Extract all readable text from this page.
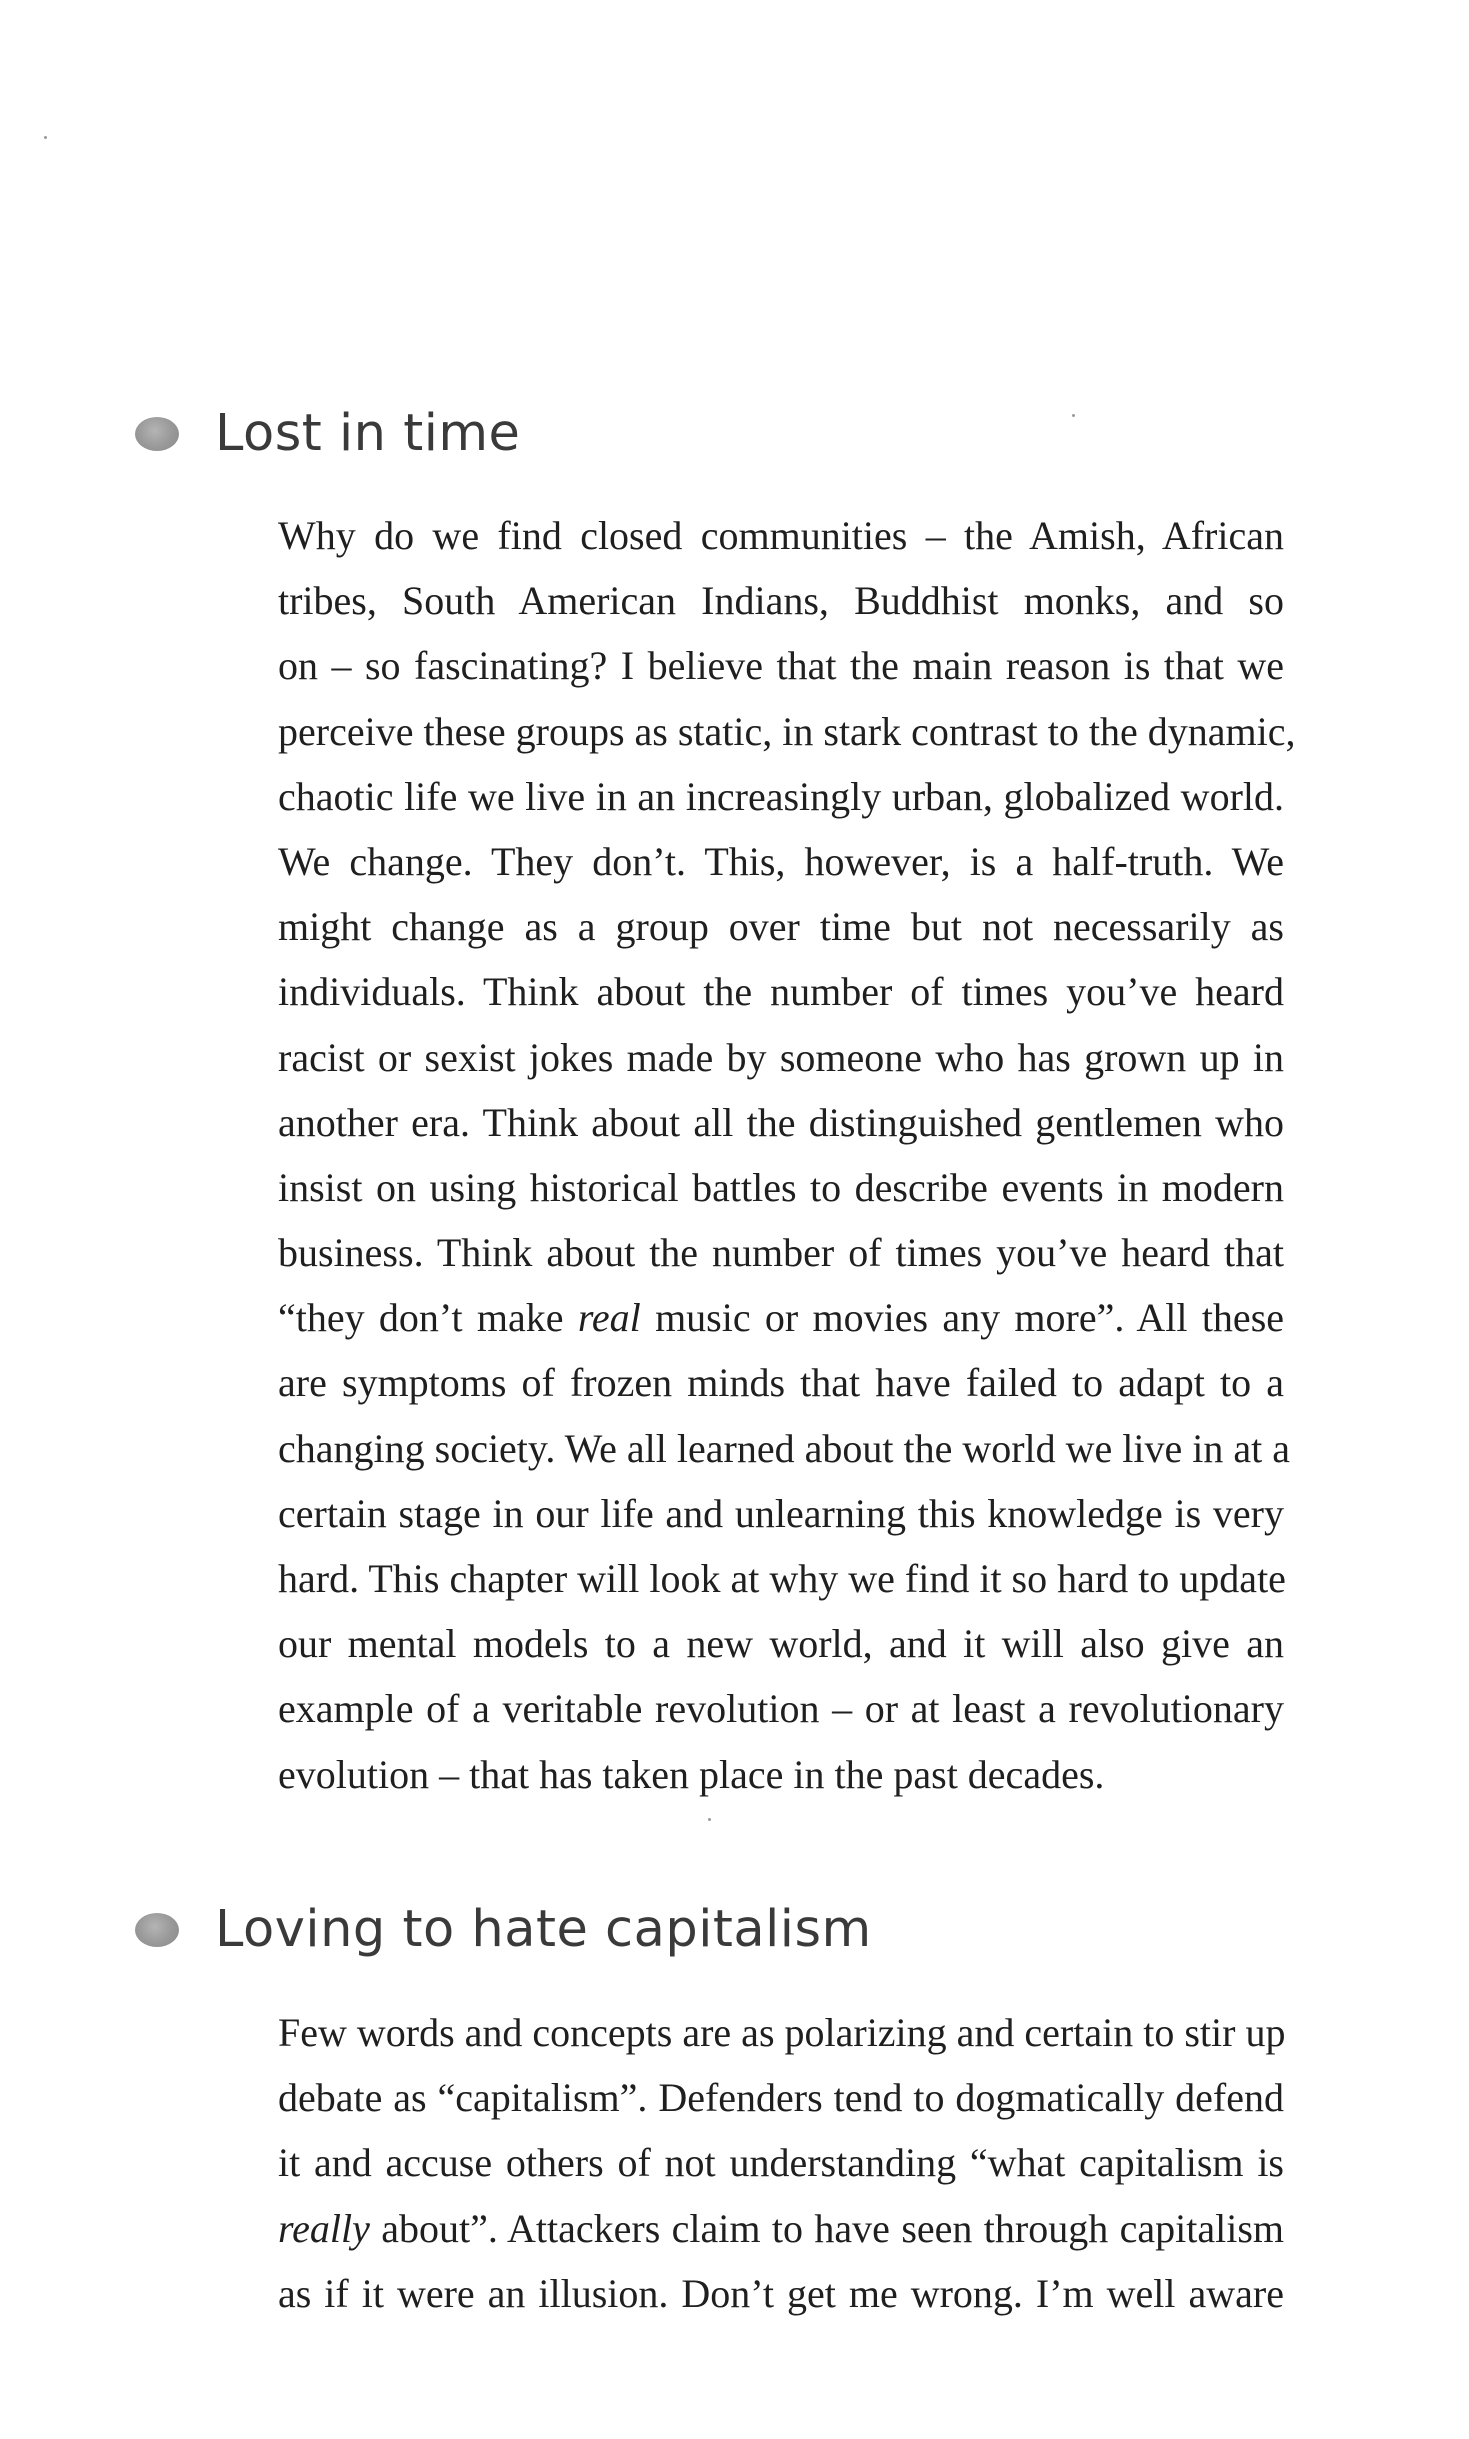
Lost in time
Why do we find closed communities – the Amish, African
tribes, South American Indians, Buddhist monks, and so
on – so fascinating? I believe that the main reason is that we
perceive these groups as static, in stark contrast to the dynamic,
chaotic life we live in an increasingly urban, globalized world.
We change. They don’t. This, however, is a half-truth. We
might change as a group over time but not necessarily as
individuals. Think about the number of times you’ve heard
racist or sexist jokes made by someone who has grown up in
another era. Think about all the distinguished gentlemen who
insist on using historical battles to describe events in modern
business. Think about the number of times you’ve heard that
“they don’t make real music or movies any more”. All these
are symptoms of frozen minds that have failed to adapt to a
changing society. We all learned about the world we live in at a
certain stage in our life and unlearning this knowledge is very
hard. This chapter will look at why we find it so hard to update
our mental models to a new world, and it will also give an
example of a veritable revolution – or at least a revolutionary
evolution – that has taken place in the past decades.
Loving to hate capitalism
Few words and concepts are as polarizing and certain to stir up
debate as “capitalism”. Defenders tend to dogmatically defend
it and accuse others of not understanding “what capitalism is
really about”. Attackers claim to have seen through capitalism
as if it were an illusion. Don’t get me wrong. I’m well aware
